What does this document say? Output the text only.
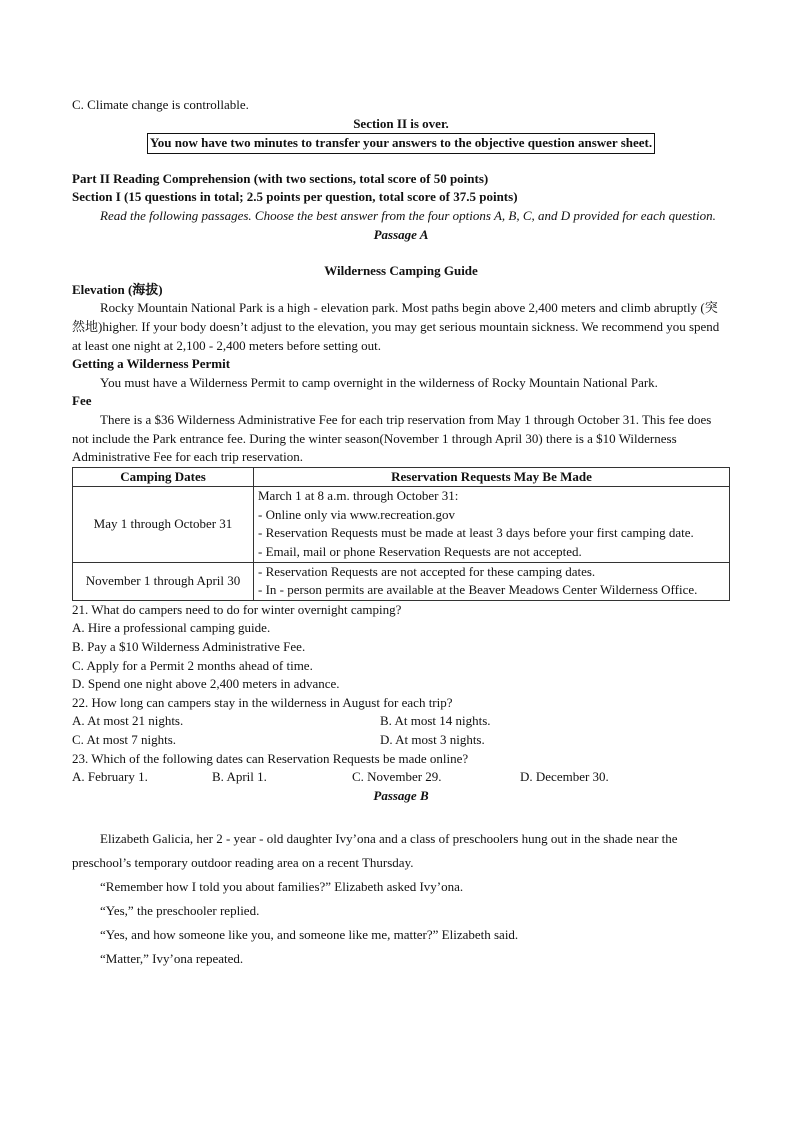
C. Climate change is controllable.

Section II is over.

You now have two minutes to transfer your answers to the objective question answer sheet.

Part II Reading Comprehension (with two sections, total score of 50 points)

Section I (15 questions in total; 2.5 points per question, total score of 37.5 points)

Read the following passages. Choose the best answer from the four options A, B, C, and D provided for each question.

Passage A

Wilderness Camping Guide

Elevation (海拔)

Rocky Mountain National Park is a high - elevation park. Most paths begin above 2,400 meters and climb abruptly (突然地)higher. If your body doesn’t adjust to the elevation, you may get serious mountain sickness. We recommend you spend at least one night at 2,100 - 2,400 meters before setting out.

Getting a Wilderness Permit

You must have a Wilderness Permit to camp overnight in the wilderness of Rocky Mountain National Park.

Fee

There is a $36 Wilderness Administrative Fee for each trip reservation from May 1 through October 31. This fee does not include the Park entrance fee. During the winter season(November 1 through April 30) there is a $10 Wilderness Administrative Fee for each trip reservation.

Camping Dates	Reservation Requests May Be Made
May 1 through October 31	March 1 at 8 a.m. through October 31:
- Online only via www.recreation.gov
- Reservation Requests must be made at least 3 days before your first camping date.
- Email, mail or phone Reservation Requests are not accepted.

November 1 through April 30	- Reservation Requests are not accepted for these camping dates.
- In - person permits are available at the Beaver Meadows Center Wilderness Office.

21. What do campers need to do for winter overnight camping?

A. Hire a professional camping guide.

B. Pay a $10 Wilderness Administrative Fee.

C. Apply for a Permit 2 months ahead of time.

D. Spend one night above 2,400 meters in advance.

22. How long can campers stay in the wilderness in August for each trip?

A. At most 21 nights.	B. At most 14 nights.
C. At most 7 nights.	D. At most 3 nights.

23. Which of the following dates can Reservation Requests be made online?

A. February 1.	B. April 1.	C. November 29.	D. December 30.

Passage B

Elizabeth Galicia, her 2 - year - old daughter Ivy’ona and a class of preschoolers hung out in the shade near the preschool’s temporary outdoor reading area on a recent Thursday.

“Remember how I told you about families?” Elizabeth asked Ivy’ona.

“Yes,” the preschooler replied.

“Yes, and how someone like you, and someone like me, matter?” Elizabeth said.

“Matter,” Ivy’ona repeated.
